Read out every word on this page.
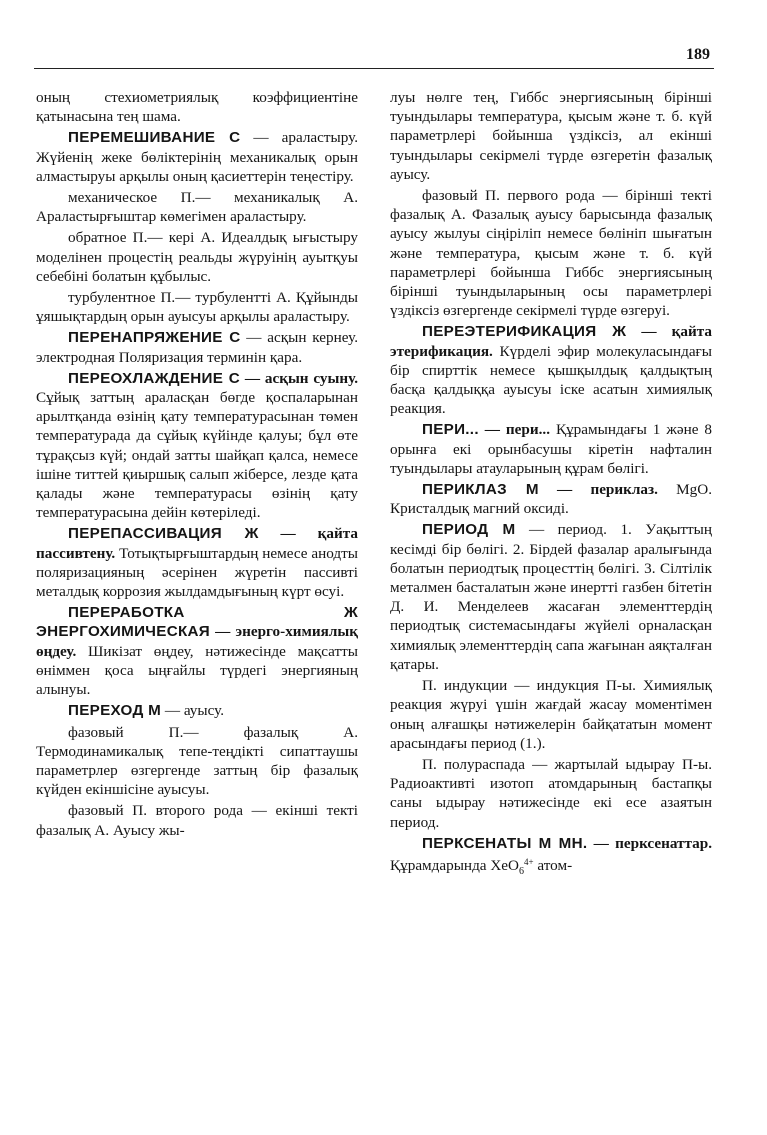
189

оның стехиометриялық коэффициентіне қатынасына тең шама.

ПЕРЕМЕШИВАНИЕ С — араластыру. Жүйенің жеке бөліктерінің механикалық орын алмастыруы арқылы оның қасиеттерін теңестіру.

механическое П.— механикалық А. Араластырғыштар көмегімен араластыру.

обратное П.— кері А. Идеалдық ығыстыру моделінен процестің реальды жүруінің ауытқуы себебіні болатын құбылыс.

турбулентное П.— турбулентті А. Құйынды ұяшықтардың орын ауысуы арқылы араластыру.

ПЕРЕНАПРЯЖЕНИЕ С — асқын кернеу. электродная Поляризация терминін қара.

ПЕРЕОХЛАЖДЕНИЕ С — асқын суыну. Сұйық заттың араласқан бөгде қоспаларынан арылтқанда өзінің қату температурасынан төмен температурада да сұйық күйінде қалуы; бұл өте тұрақсыз күй; ондай затты шайқап қалса, немесе ішіне титтей қиыршық салып жіберсе, лезде қата қалады және температурасы өзінің қату температурасына дейін көтеріледі.

ПЕРЕПАССИВАЦИЯ Ж — қайта пассивтену. Тотықтырғыштардың немесе анодты поляризацияның әсерінен жүретін пассивті металдық коррозия жылдамдығының күрт өсуі.

ПЕРЕРАБОТКА Ж ЭНЕРГОХИМИЧЕСКАЯ — энерго-химиялық өңдеу. Шикізат өңдеу, нәтижесінде мақсатты өніммен қоса ыңғайлы түрдегі энергияның алынуы.

ПЕРЕХОД М — ауысу.

фазовый П.— фазалық А. Термодинамикалық тепе-теңдікті сипаттаушы параметрлер өзгергенде заттың бір фазалық күйден екіншісіне ауысуы.

фазовый П. второго рода — екінші текті фазалық А. Ауысу жы-

луы нөлге тең, Гиббс энергиясының бірінші туындылары температура, қысым және т. б. күй параметрлері бойынша үздіксіз, ал екінші туындылары секірмелі түрде өзгеретін фазалық ауысу.

фазовый П. первого рода — бірінші текті фазалық А. Фазалық ауысу барысында фазалық ауысу жылуы сіңіріліп немесе бөлініп шығатын және температура, қысым және т. б. күй параметрлері бойынша Гиббс энергиясының бірінші туындыларының осы параметрлері үздіксіз өзгергенде секірмелі түрде өзгеруі.

ПЕРЕЭТЕРИФИКАЦИЯ Ж — қайта этерификация. Күрделі эфир молекуласындағы бір спирттік немесе қышқылдық қалдықтың басқа қалдыққа ауысуы іске асатын химиялық реакция.

ПЕРИ... — пери... Құрамындағы 1 және 8 орынға екі орынбасушы кіретін нафталин туындылары атауларының құрам бөлігі.

ПЕРИКЛАЗ М — периклаз. MgO. Кристалдық магний оксиді.

ПЕРИОД М — период. 1. Уақыттың кесімді бір бөлігі. 2. Бірдей фазалар аралығында болатын периодтық процесттің бөлігі. 3. Сілтілік металмен басталатын және инертті газбен бітетін Д. И. Менделеев жасаған элементтердің периодтық системасындағы жүйелі орналасқан химиялық элементтердің сапа жағынан аяқталған қатары.

П. индукции — индукция П-ы. Химиялық реакция жүруі үшін жағдай жасау моментімен оның алғашқы нәтижелерін байқататын момент арасындағы период (1.).

П. полураспада — жартылай ыдырау П-ы. Радиоактивті изотоп атомдарының бастапқы саны ыдырау нәтижесінде екі есе азаятын период.

ПЕРКСЕНАТЫ М МН. — перксенаттар. Құрамдарында XeO$_6^{4+}$ атом-
